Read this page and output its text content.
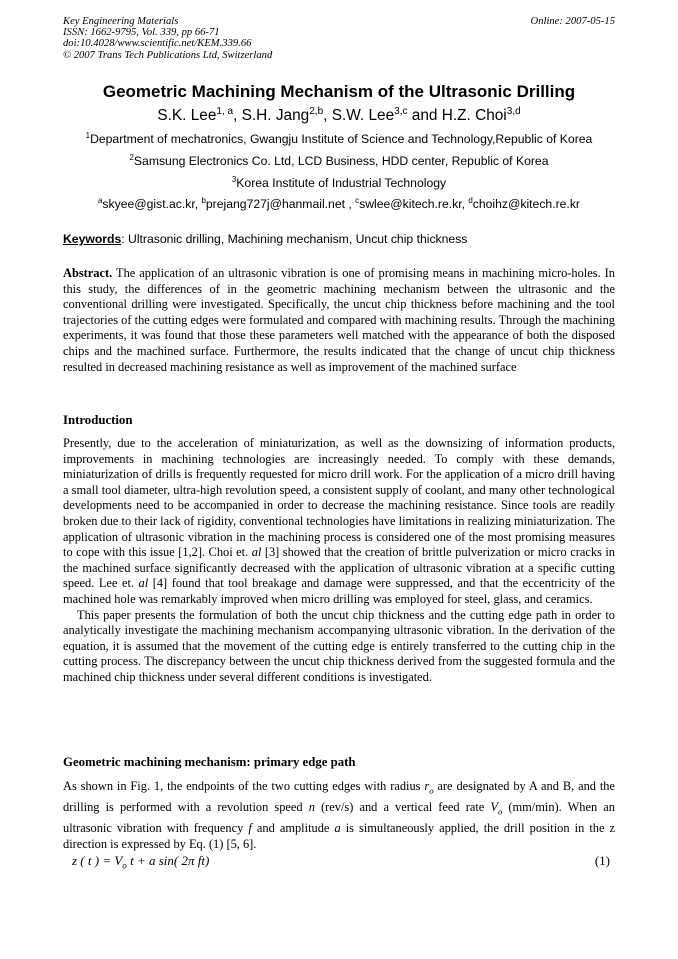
Key Engineering Materials
ISSN: 1662-9795, Vol. 339, pp 66-71
doi:10.4028/www.scientific.net/KEM.339.66
© 2007 Trans Tech Publications Ltd, Switzerland
Online: 2007-05-15
Geometric Machining Mechanism of the Ultrasonic Drilling
S.K. Lee$^{1, a}$, S.H. Jang$^{2,b}$, S.W. Lee$^{3,c}$ and H.Z. Choi$^{3,d}$
$^1$Department of mechatronics, Gwangju Institute of Science and Technology,Republic of Korea
$^2$Samsung Electronics Co. Ltd, LCD Business, HDD center, Republic of Korea
$^3$Korea Institute of Industrial Technology
$^a$skyee@gist.ac.kr, $^b$prejang727j@hanmail.net , $^c$swlee@kitech.re.kr, $^d$choihz@kitech.re.kr
Keywords: Ultrasonic drilling, Machining mechanism, Uncut chip thickness

Abstract. The application of an ultrasonic vibration is one of promising means in machining micro-holes. In this study, the differences of in the geometric machining mechanism between the ultrasonic and the conventional drilling were investigated. Specifically, the uncut chip thickness before machining and the tool trajectories of the cutting edges were formulated and compared with machining results. Through the machining experiments, it was found that those these parameters well matched with the appearance of both the disposed chips and the machined surface. Furthermore, the results indicated that the change of uncut chip thickness resulted in decreased machining resistance as well as improvement of the machined surface

Introduction

Presently, due to the acceleration of miniaturization, as well as the downsizing of information products, improvements in machining technologies are increasingly needed. To comply with these demands, miniaturization of drills is frequently requested for micro drill work. For the application of a micro drill having a small tool diameter, ultra-high revolution speed, a consistent supply of coolant, and many other technological developments need to be accompanied in order to decrease the machining resistance. Since tools are readily broken due to their lack of rigidity, conventional technologies have limitations in realizing miniaturization. The application of ultrasonic vibration in the machining process is considered one of the most promising measures to cope with this issue [1,2]. Choi et. al [3] showed that the creation of brittle pulverization or micro cracks in the machined surface significantly decreased with the application of ultrasonic vibration at a specific cutting speed. Lee et. al [4] found that tool breakage and damage were suppressed, and that the eccentricity of the machined hole was remarkably improved when micro drilling was employed for steel, glass, and ceramics.

This paper presents the formulation of both the uncut chip thickness and the cutting edge path in order to analytically investigate the machining mechanism accompanying ultrasonic vibration. In the derivation of the equation, it is assumed that the movement of the cutting edge is entirely transferred to the cutting chip in the cutting process. The discrepancy between the uncut chip thickness derived from the suggested formula and the machined chip thickness under several different conditions is investigated.

Geometric machining mechanism: primary edge path

As shown in Fig. 1, the endpoints of the two cutting edges with radius $r_o$ are designated by A and B, and the drilling is performed with a revolution speed n (rev/s) and a vertical feed rate $V_o$ (mm/min). When an ultrasonic vibration with frequency f and amplitude a is simultaneously applied, the drill position in the z direction is expressed by Eq. (1) [5, 6].

z ( t ) = $V_o$ t + a sin( 2π ft)	(1)
